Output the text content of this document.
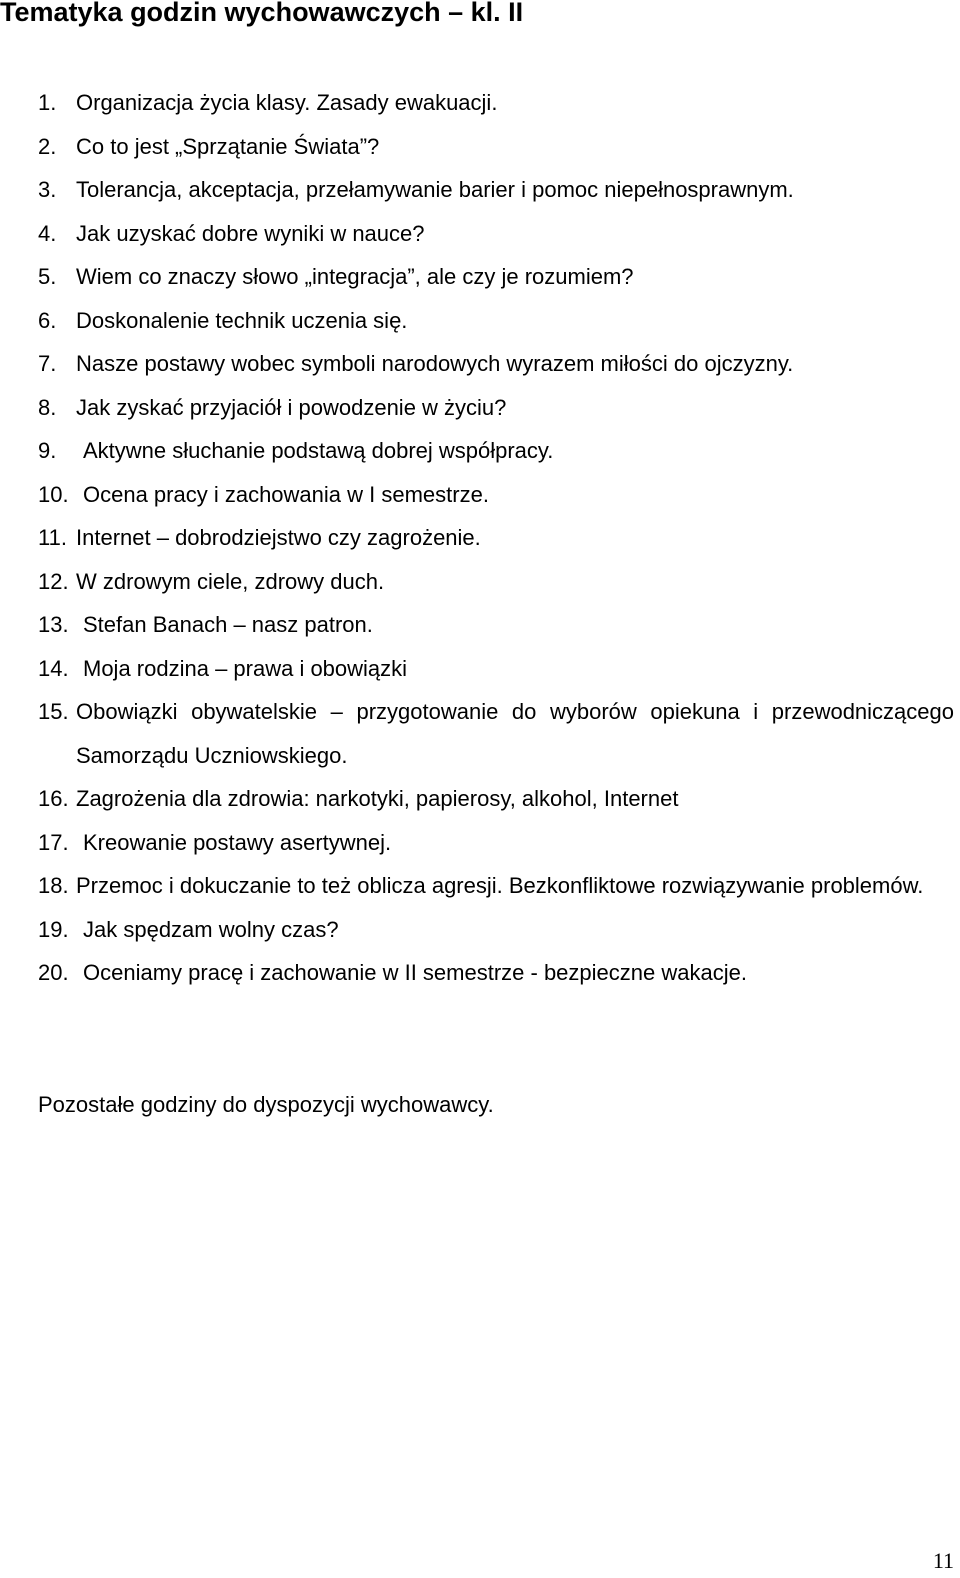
Tematyka godzin wychowawczych – kl. II
1. Organizacja życia klasy. Zasady ewakuacji.
2. Co to jest „Sprzątanie Świata”?
3. Tolerancja, akceptacja, przełamywanie barier i pomoc niepełnosprawnym.
4. Jak uzyskać dobre wyniki w nauce?
5. Wiem co znaczy słowo „integracja”, ale czy je rozumiem?
6. Doskonalenie technik uczenia się.
7. Nasze postawy wobec symboli narodowych wyrazem miłości do ojczyzny.
8. Jak zyskać przyjaciół i powodzenie w życiu?
9.	Aktywne słuchanie podstawą dobrej współpracy.
10. Ocena pracy i zachowania w I semestrze.
11. Internet – dobrodziejstwo czy zagrożenie.
12. W zdrowym ciele, zdrowy duch.
13. Stefan Banach – nasz patron.
14. Moja rodzina – prawa i obowiązki
15. Obowiązki obywatelskie – przygotowanie do wyborów opiekuna i przewodniczącego Samorządu Uczniowskiego.
16. Zagrożenia dla zdrowia: narkotyki, papierosy, alkohol, Internet
17. Kreowanie postawy asertywnej.
18. Przemoc i dokuczanie to też oblicza agresji. Bezkonfliktowe rozwiązywanie problemów.
19. Jak spędzam wolny czas?
20. Oceniamy pracę i zachowanie w II semestrze - bezpieczne wakacje.

Pozostałe godziny do dyspozycji wychowawcy.

11
